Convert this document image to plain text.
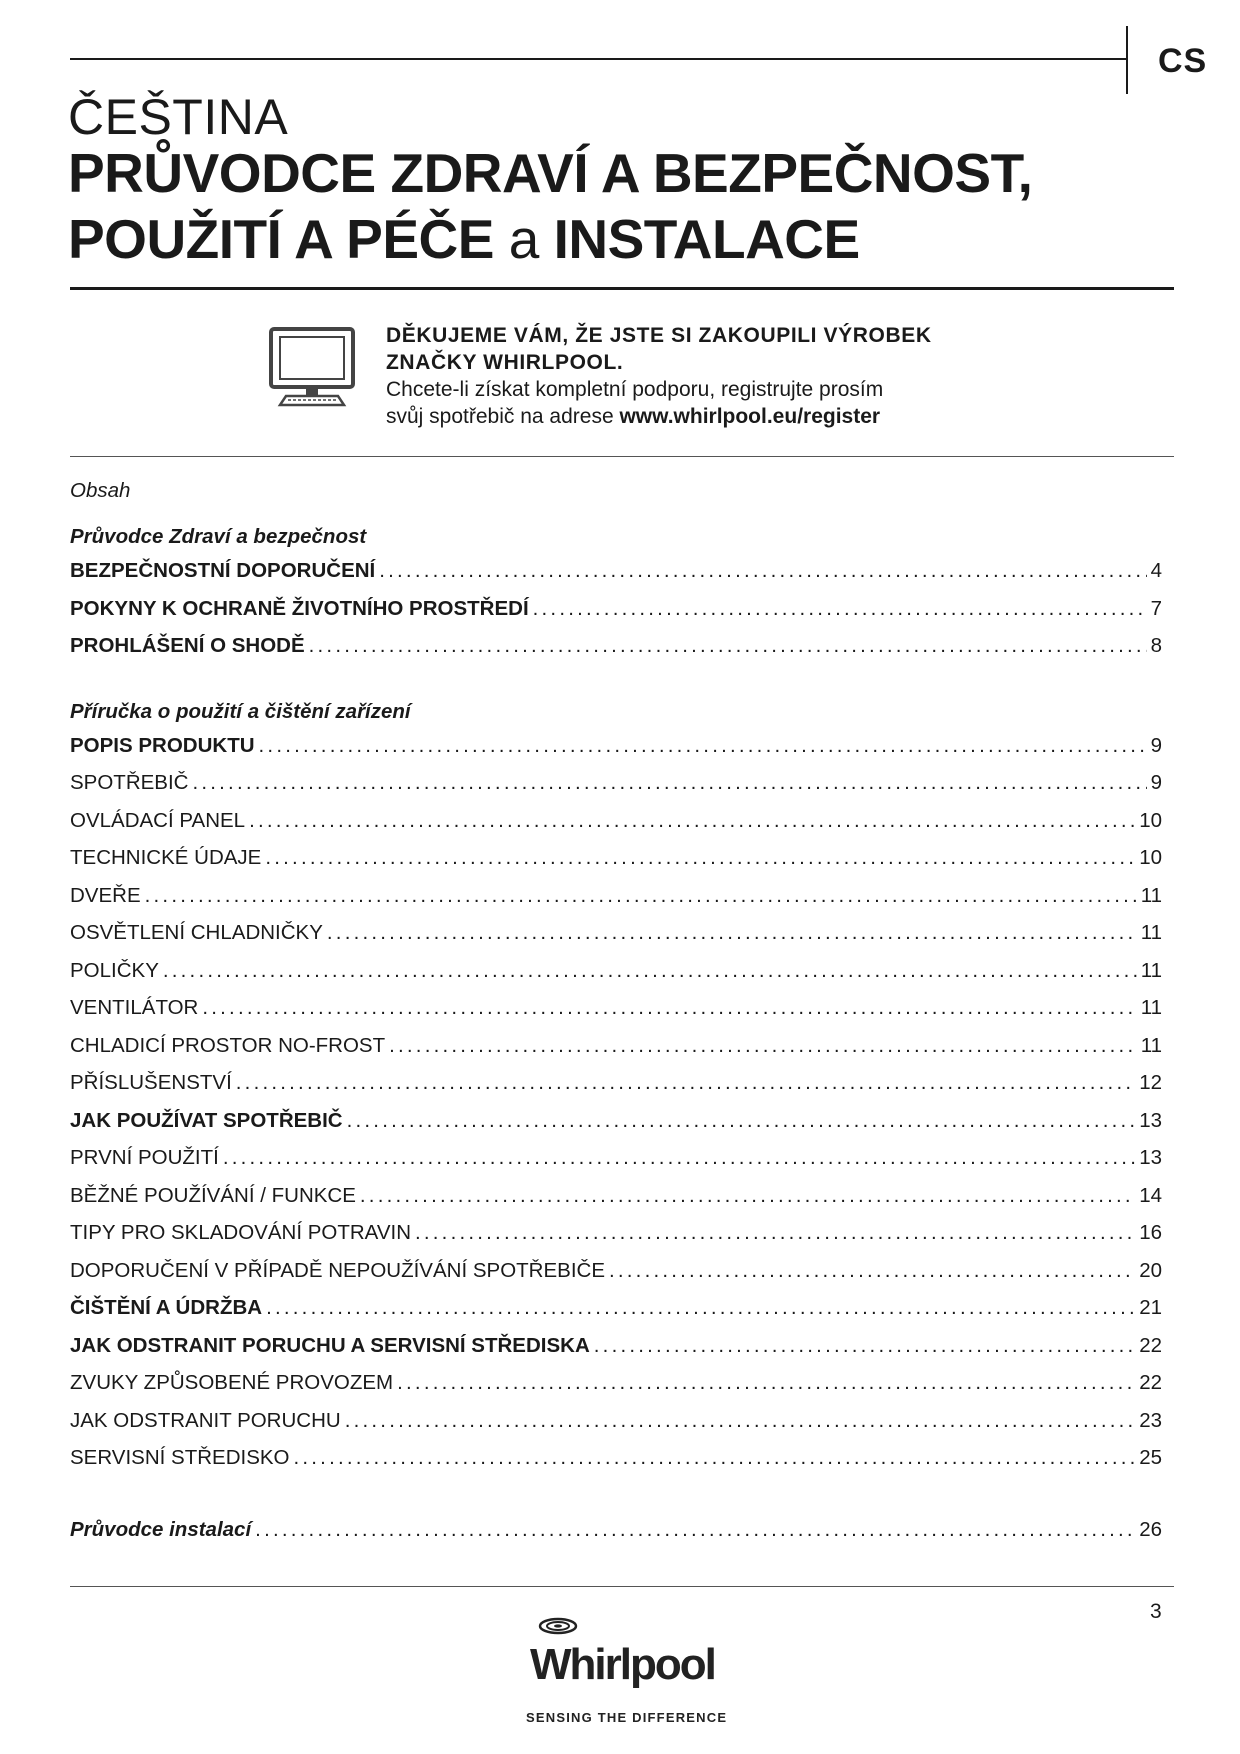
CS
ČEŠTINA
PRŮVODCE ZDRAVÍ A BEZPEČNOST,
POUŽITÍ A PÉČE a INSTALACE
DĚKUJEME VÁM, ŽE JSTE SI ZAKOUPILI VÝROBEK
ZNAČKY WHIRLPOOL.
Chcete-li získat kompletní podporu, registrujte prosím
svůj spotřebič na adrese www.whirlpool.eu/register
Obsah
Průvodce Zdraví a bezpečnost
BEZPEČNOSTNÍ DOPORUČENÍ .....	4
POKYNY K OCHRANĚ ŽIVOTNÍHO PROSTŘEDÍ .....	7
PROHLÁŠENÍ O SHODĚ .....	8
Příručka o použití a čištění zařízení
POPIS PRODUKTU .....	9
SPOTŘEBIČ .....	9
OVLÁDACÍ PANEL .....	10
TECHNICKÉ ÚDAJE .....	10
DVEŘE .....	11
OSVĚTLENÍ CHLADNIČKY .....	11
POLIČKY .....	11
VENTILÁTOR .....	11
CHLADICÍ PROSTOR NO-FROST .....	11
PŘÍSLUŠENSTVÍ .....	12
JAK POUŽÍVAT SPOTŘEBIČ .....	13
PRVNÍ POUŽITÍ .....	13
BĚŽNÉ POUŽÍVÁNÍ / FUNKCE .....	14
TIPY PRO SKLADOVÁNÍ POTRAVIN .....	16
DOPORUČENÍ V PŘÍPADĚ NEPOUŽÍVÁNÍ SPOTŘEBIČE .....	20
ČIŠTĚNÍ A ÚDRŽBA .....	21
JAK ODSTRANIT PORUCHU A SERVISNÍ STŘEDISKA .....	22
ZVUKY ZPŮSOBENÉ PROVOZEM .....	22
JAK ODSTRANIT PORUCHU .....	23
SERVISNÍ STŘEDISKO .....	25
Průvodce instalací .....	26
3
Whirlpool
SENSING THE DIFFERENCE
